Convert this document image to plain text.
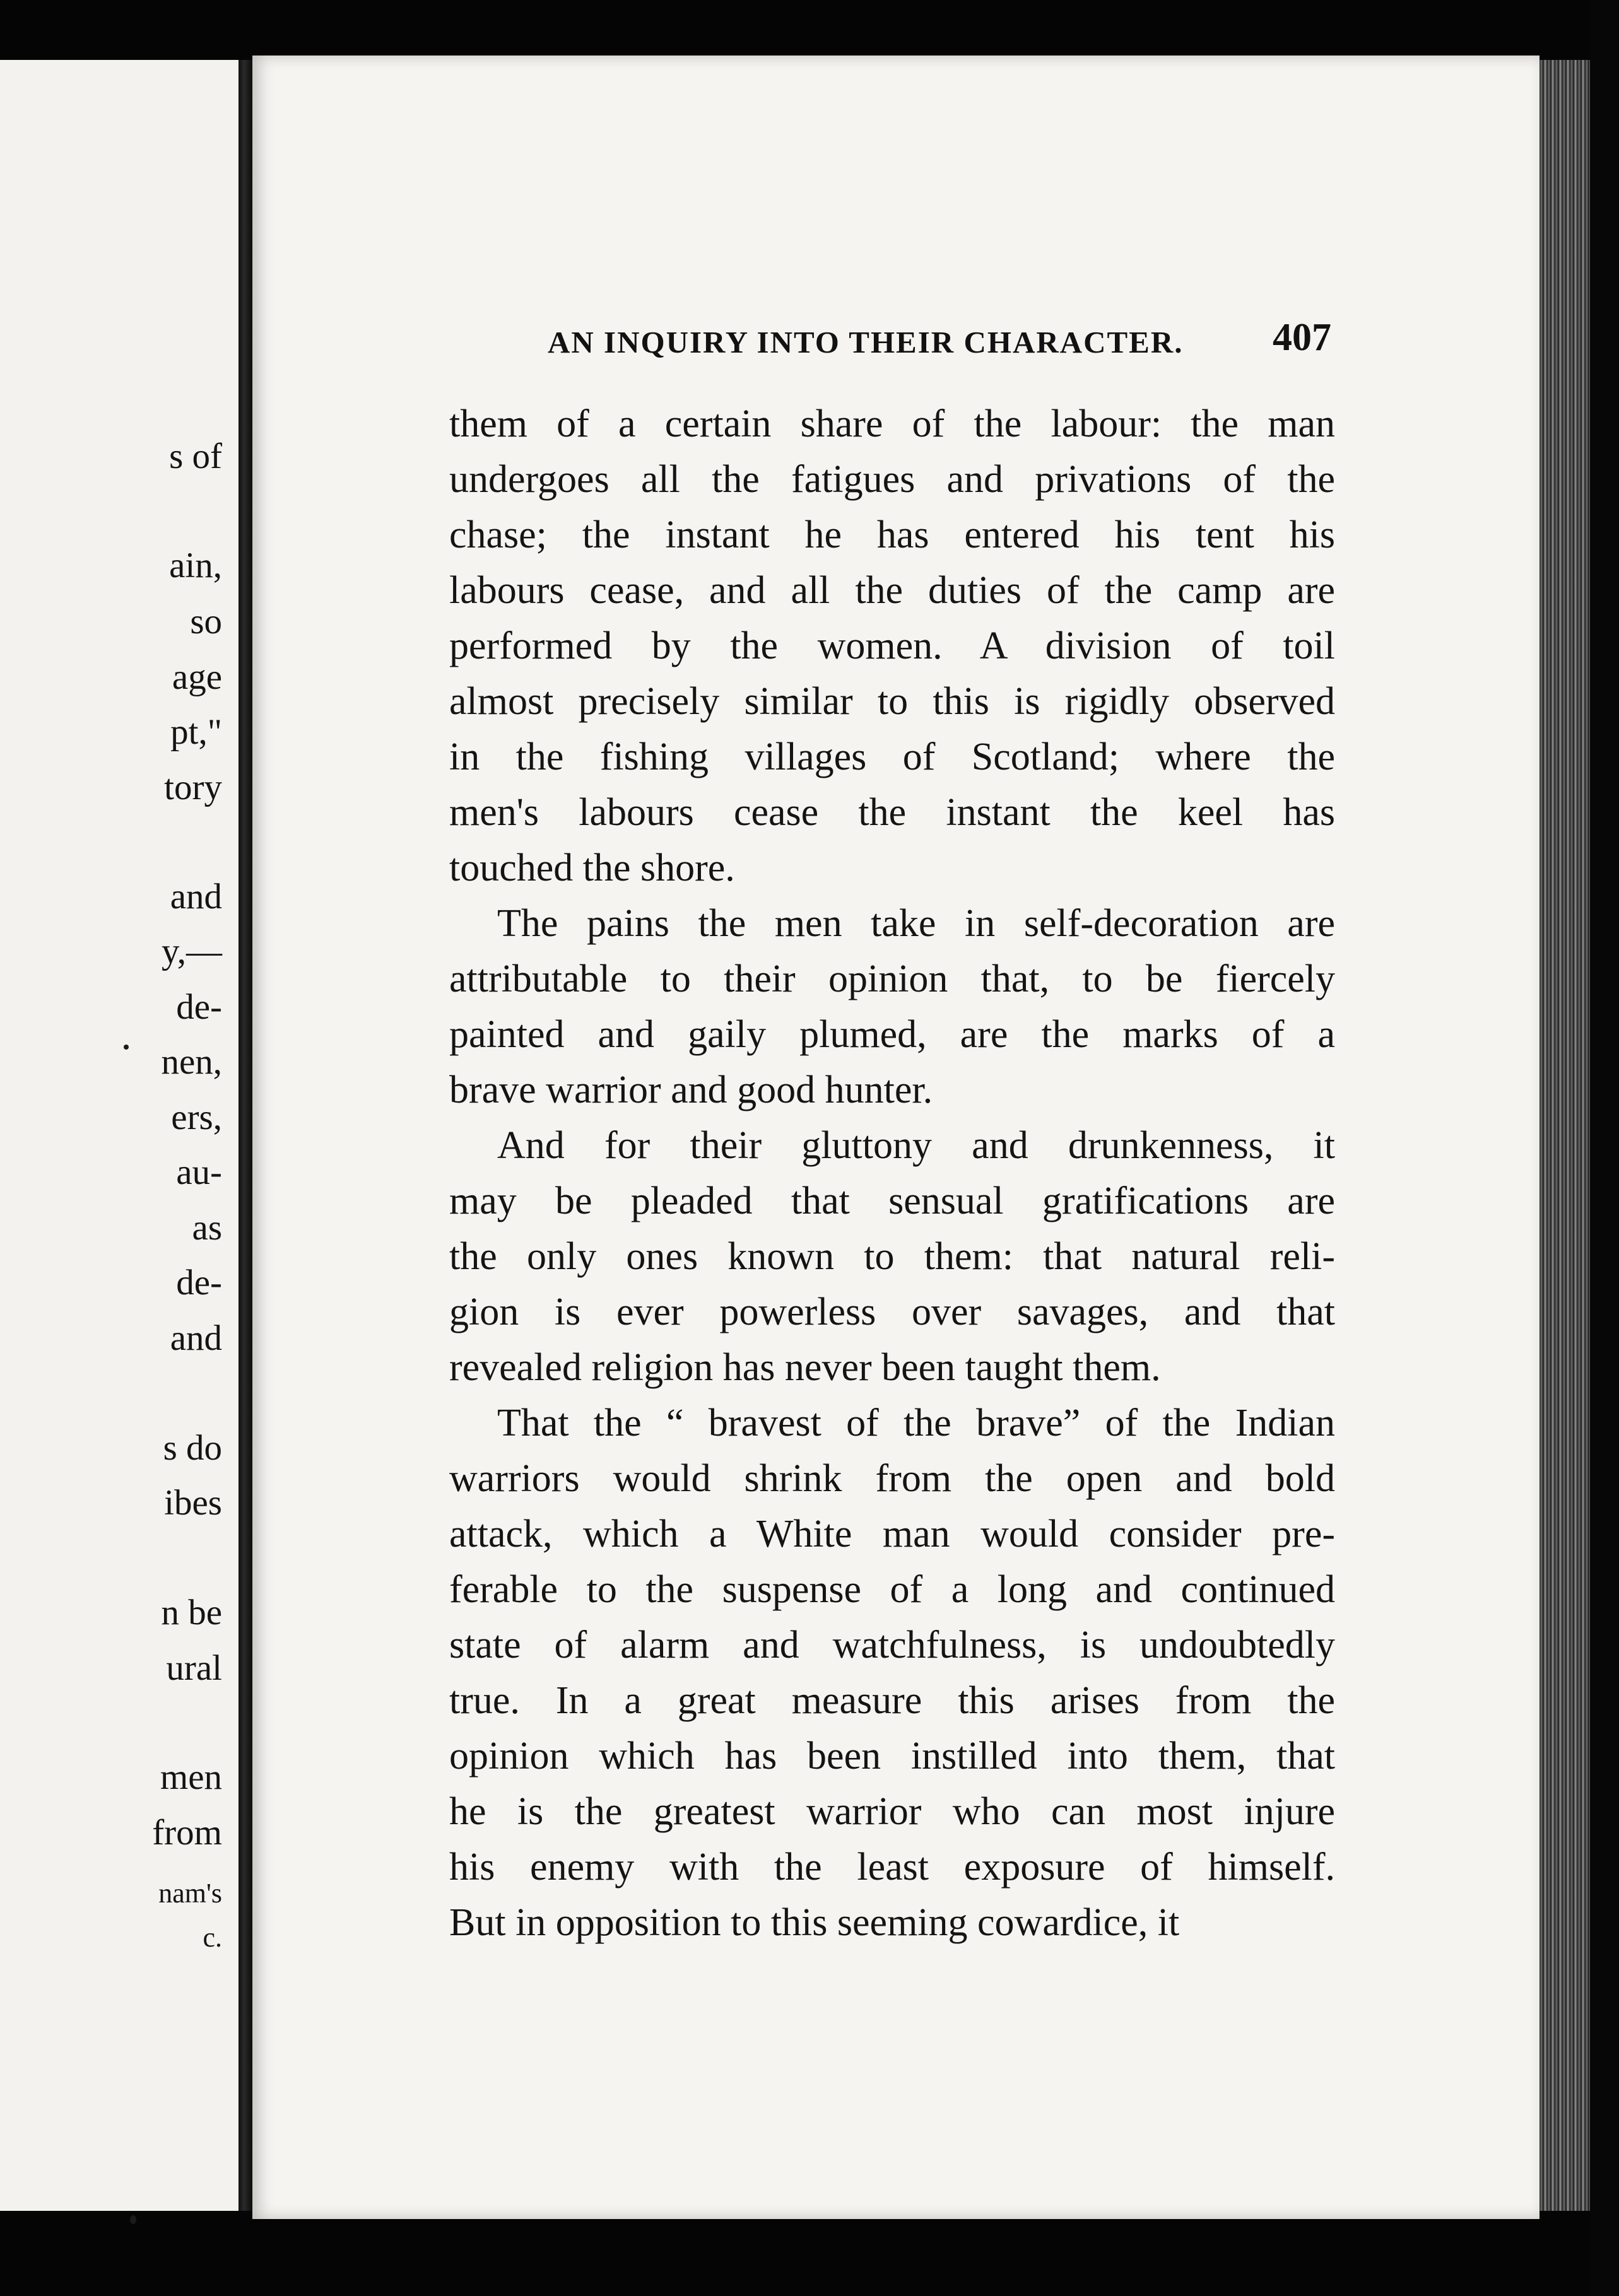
s of
ain,
so
age
pt,"
tory
and
y,—
de-
nen,
ers,
au-
as
de-
and
s do
ibes
n be
ural
men
from
nam's
c.
AN INQUIRY INTO THEIR CHARACTER. 407
them of a certain share of the labour: the man
undergoes all the fatigues and privations of the
chase; the instant he has entered his tent his
labours cease, and all the duties of the camp are
performed by the women. A division of toil
almost precisely similar to this is rigidly observed
in the fishing villages of Scotland; where the
men's labours cease the instant the keel has
touched the shore.
The pains the men take in self-decoration are
attributable to their opinion that, to be fiercely
painted and gaily plumed, are the marks of a
brave warrior and good hunter.
And for their gluttony and drunkenness, it
may be pleaded that sensual gratifications are
the only ones known to them: that natural reli-
gion is ever powerless over savages, and that
revealed religion has never been taught them.
That the “ bravest of the brave” of the Indian
warriors would shrink from the open and bold
attack, which a White man would consider pre-
ferable to the suspense of a long and continued
state of alarm and watchfulness, is undoubtedly
true. In a great measure this arises from the
opinion which has been instilled into them, that
he is the greatest warrior who can most injure
his enemy with the least exposure of himself.
But in opposition to this seeming cowardice, it
